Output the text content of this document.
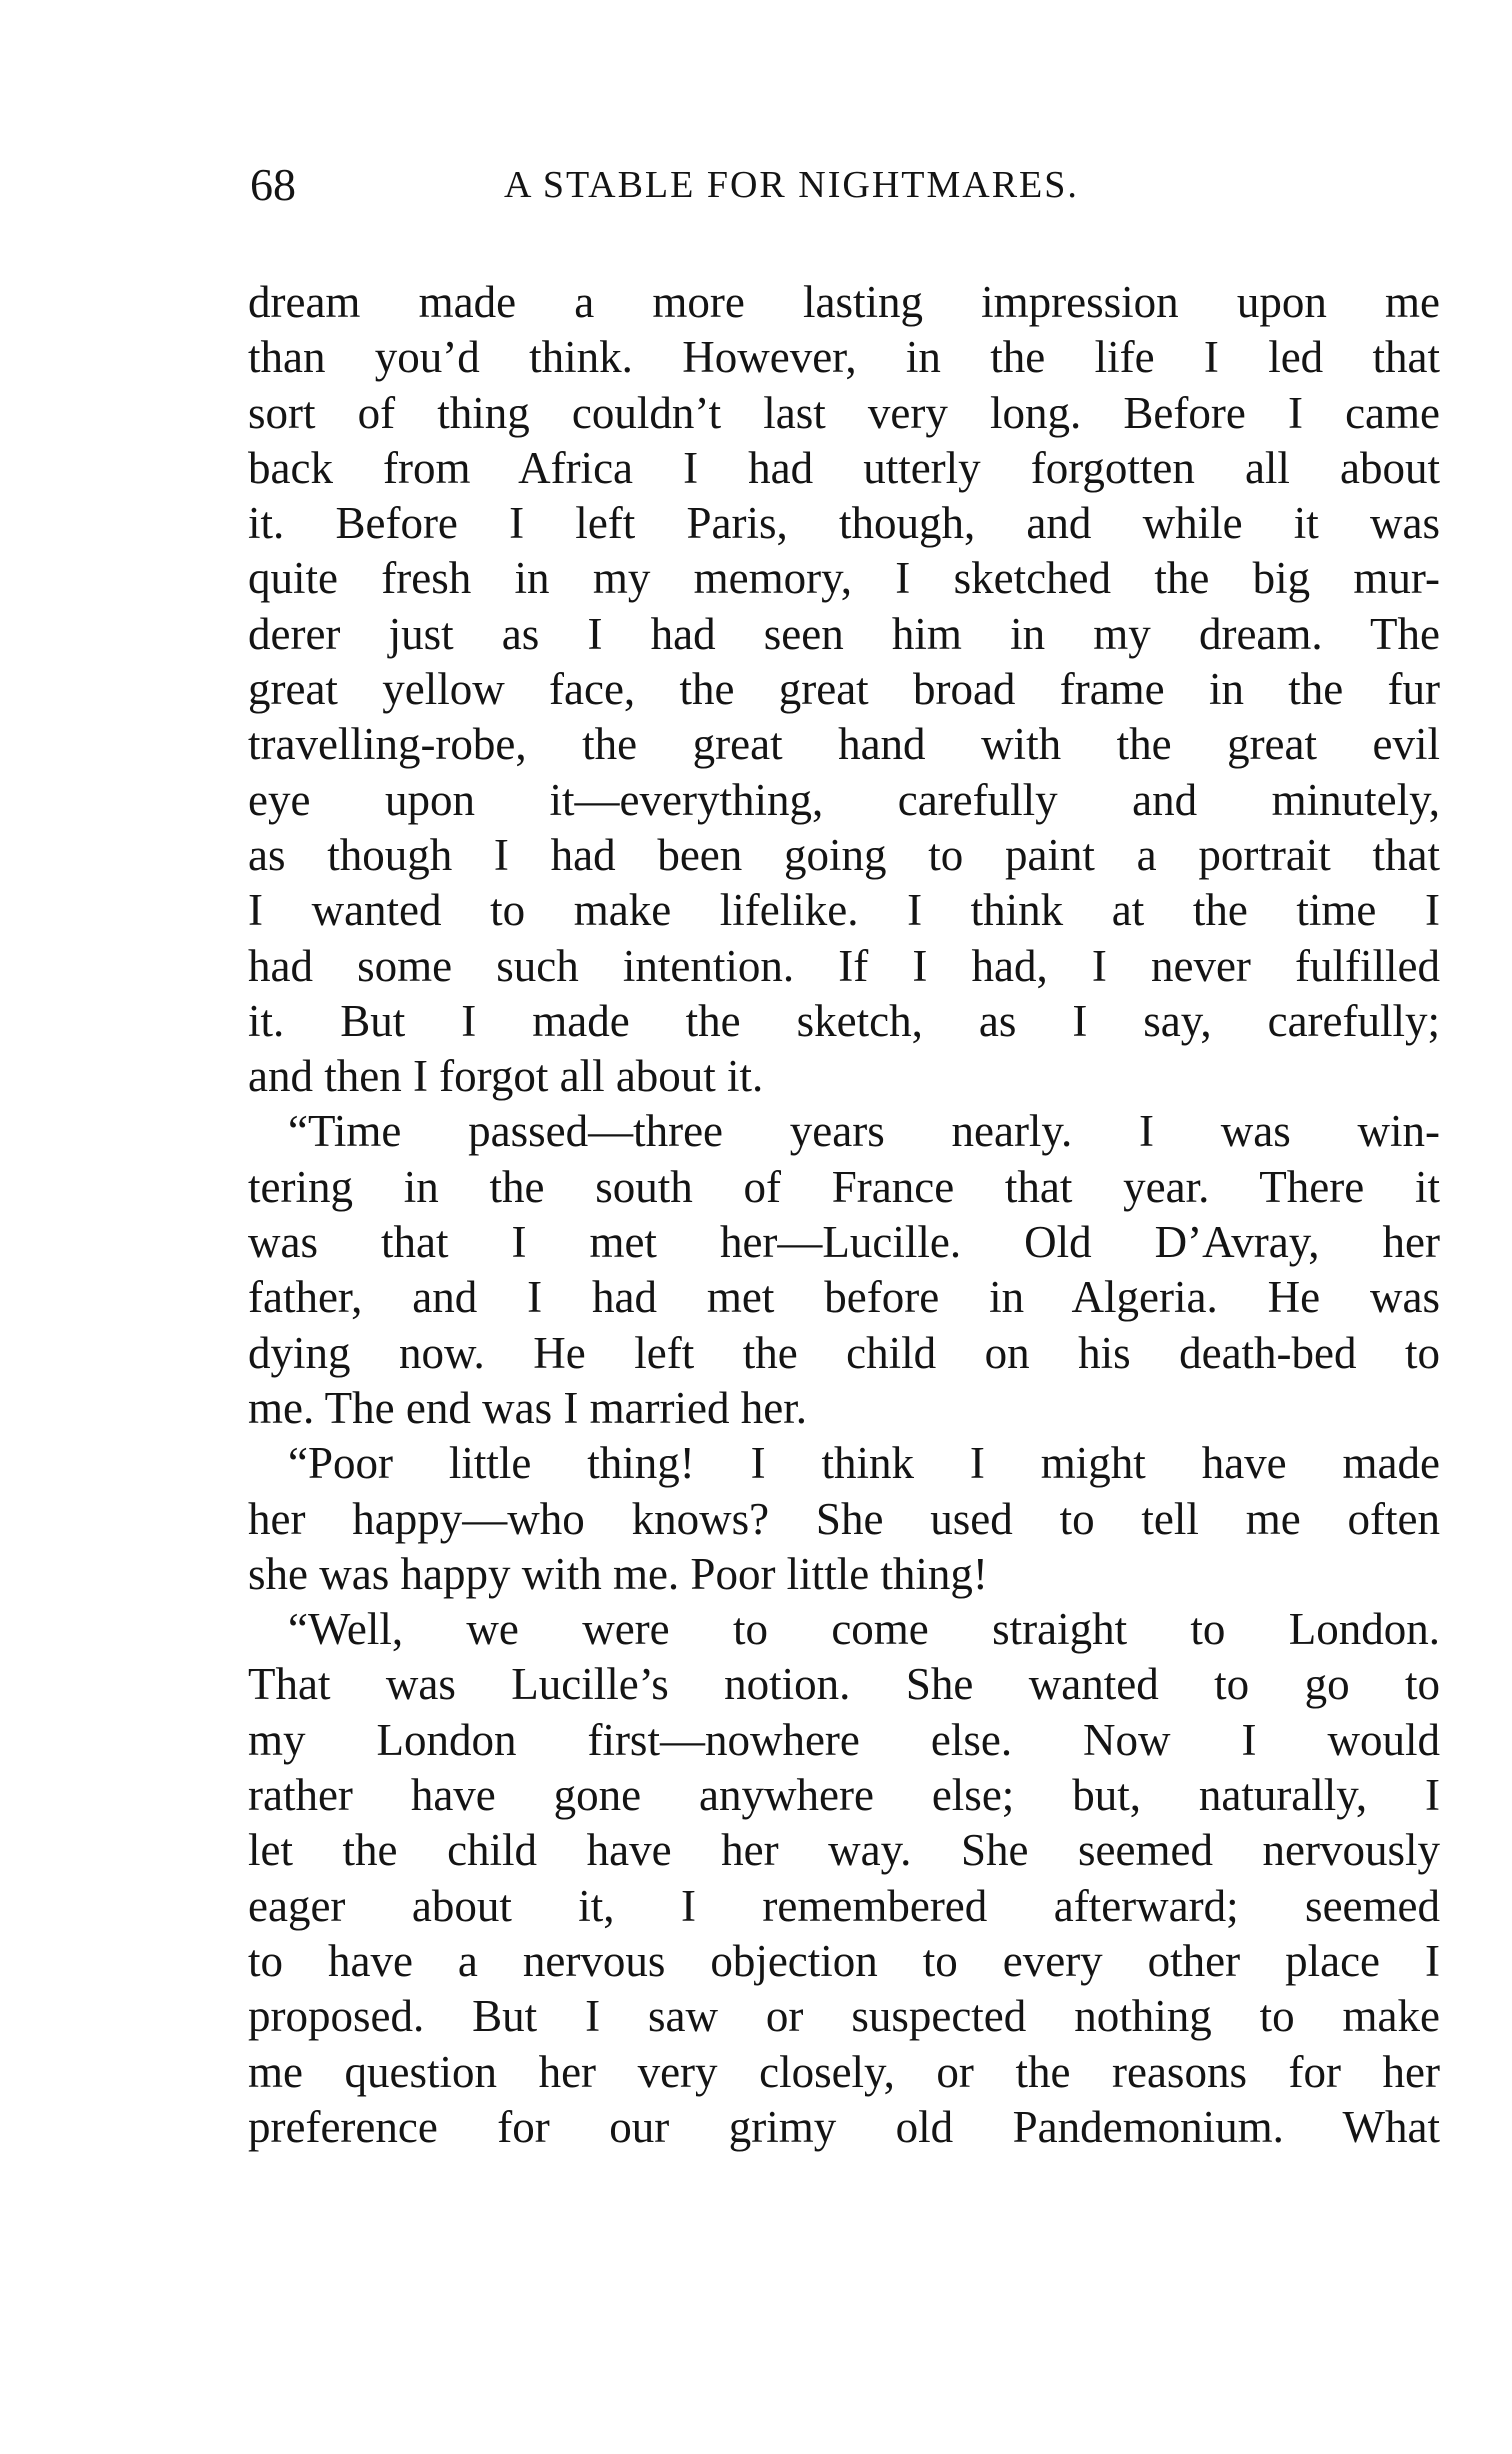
68	A STABLE FOR NIGHTMARES.
dream made a more lasting impression upon me
than you’d think. However, in the life I led that
sort of thing couldn’t last very long. Before I came
back from Africa I had utterly forgotten all about
it. Before I left Paris, though, and while it was
quite fresh in my memory, I sketched the big mur-
derer just as I had seen him in my dream. The
great yellow face, the great broad frame in the fur
travelling-robe, the great hand with the great evil
eye upon it—everything, carefully and minutely,
as though I had been going to paint a portrait that
I wanted to make lifelike. I think at the time I
had some such intention. If I had, I never fulfilled
it. But I made the sketch, as I say, carefully;
and then I forgot all about it.
“Time passed—three years nearly. I was win-
tering in the south of France that year. There it
was that I met her—Lucille. Old D’Avray, her
father, and I had met before in Algeria. He was
dying now. He left the child on his death-bed to
me. The end was I married her.
“Poor little thing! I think I might have made
her happy—who knows? She used to tell me often
she was happy with me. Poor little thing!
“Well, we were to come straight to London.
That was Lucille’s notion. She wanted to go to
my London first—nowhere else. Now I would
rather have gone anywhere else; but, naturally, I
let the child have her way. She seemed nervously
eager about it, I remembered afterward; seemed
to have a nervous objection to every other place I
proposed. But I saw or suspected nothing to make
me question her very closely, or the reasons for her
preference for our grimy old Pandemonium. What
